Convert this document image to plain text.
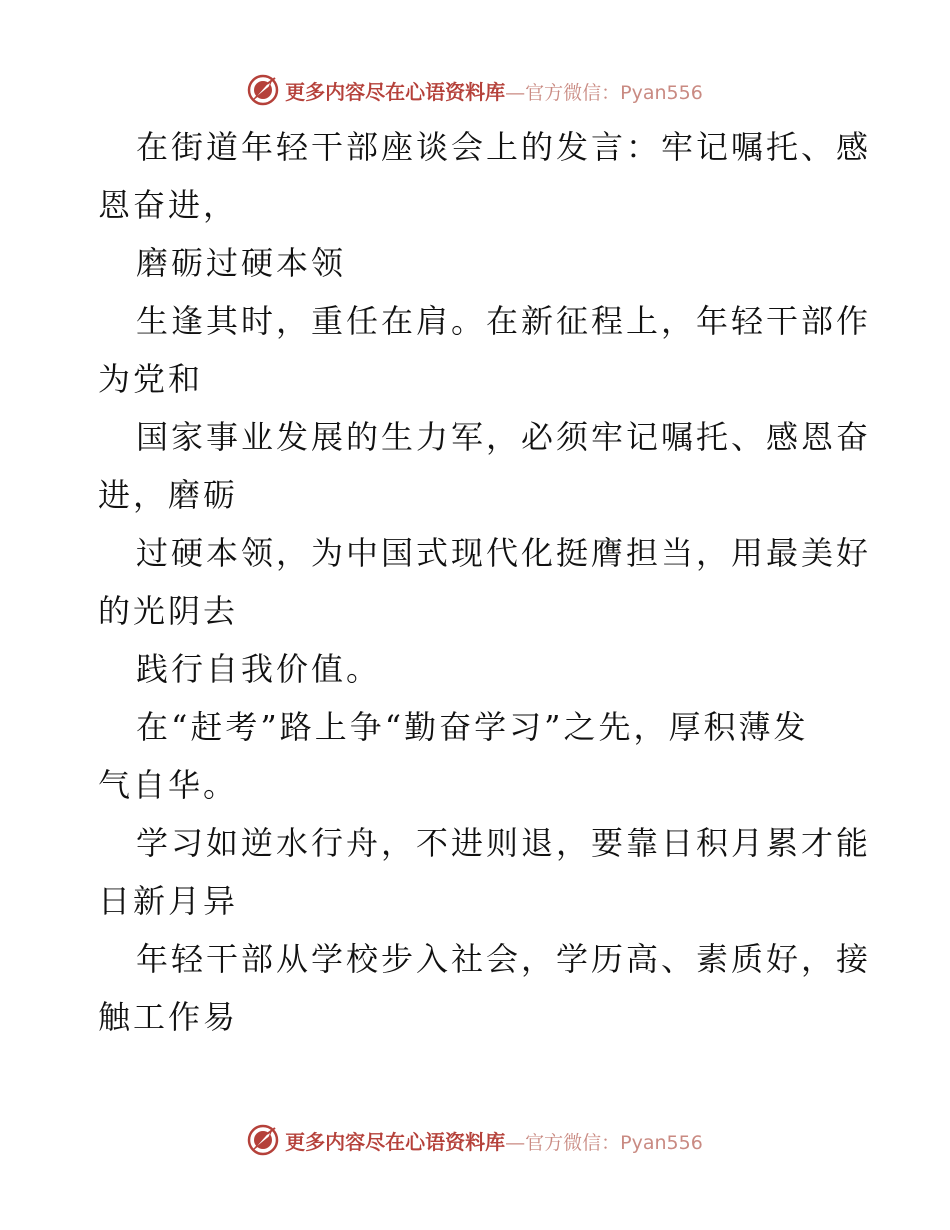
更多内容尽在心语资料库—官方微信：Pyan556
在街道年轻干部座谈会上的发言：牢记嘱托、感
恩奋进，
磨砺过硬本领
生逢其时，重任在肩。在新征程上，年轻干部作
为党和
国家事业发展的生力军，必须牢记嘱托、感恩奋
进，磨砺
过硬本领，为中国式现代化挺膺担当，用最美好
的光阴去
践行自我价值。
在“赶考”路上争“勤奋学习”之先，厚积薄发
气自华。
学习如逆水行舟，不进则退，要靠日积月累才能
日新月异
年轻干部从学校步入社会，学历高、素质好，接
触工作易
更多内容尽在心语资料库—官方微信：Pyan556
